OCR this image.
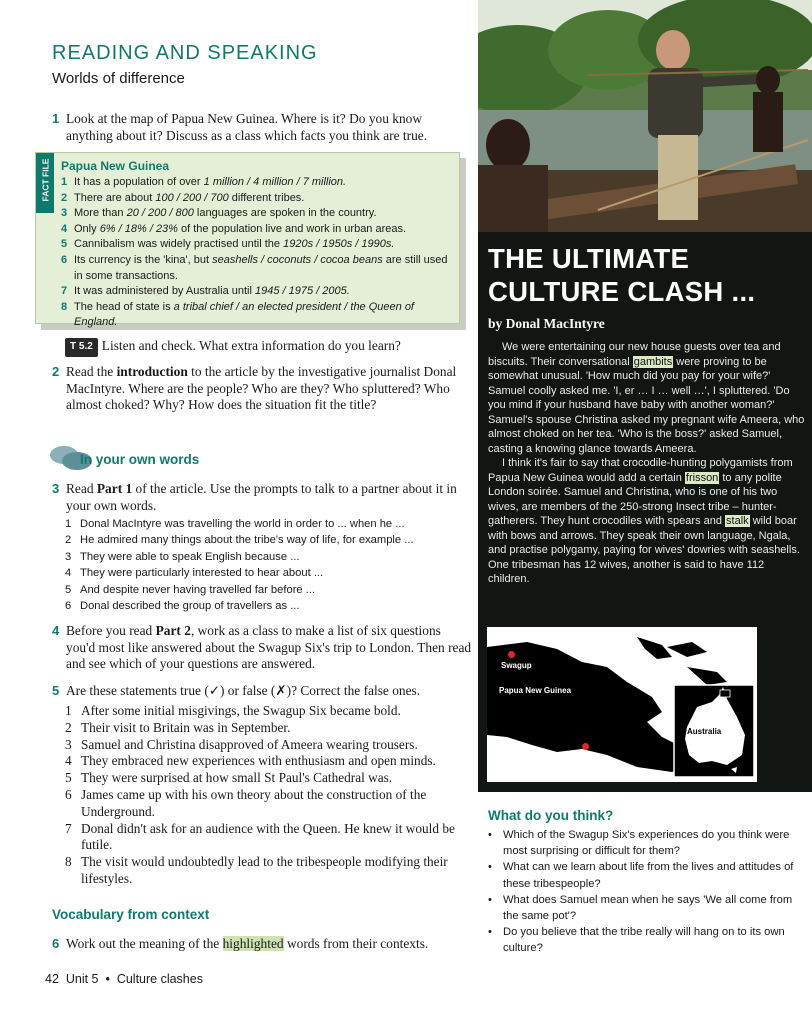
READING AND SPEAKING
Worlds of difference
1 Look at the map of Papua New Guinea. Where is it? Do you know anything about it? Discuss as a class which facts you think are true.
FACT FILE Papua New Guinea
1 It has a population of over 1 million / 4 million / 7 million.
2 There are about 100 / 200 / 700 different tribes.
3 More than 20 / 200 / 800 languages are spoken in the country.
4 Only 6% / 18% / 23% of the population live and work in urban areas.
5 Cannibalism was widely practised until the 1920s / 1950s / 1990s.
6 Its currency is the 'kina', but seashells / coconuts / cocoa beans are still used in some transactions.
7 It was administered by Australia until 1945 / 1975 / 2005.
8 The head of state is a tribal chief / an elected president / the Queen of England.
T 5.2 Listen and check. What extra information do you learn?
2 Read the introduction to the article by the investigative journalist Donal MacIntyre. Where are the people? Who are they? Who spluttered? Who almost choked? Why? How does the situation fit the title?
In your own words
3 Read Part 1 of the article. Use the prompts to talk to a partner about it in your own words.
1 Donal MacIntyre was travelling the world in order to ... when he ...
2 He admired many things about the tribe's way of life, for example ...
3 They were able to speak English because ...
4 They were particularly interested to hear about ...
5 And despite never having travelled far before ...
6 Donal described the group of travellers as ...
4 Before you read Part 2, work as a class to make a list of six questions you'd most like answered about the Swagup Six's trip to London. Then read and see which of your questions are answered.
5 Are these statements true (✓) or false (✗)? Correct the false ones.
1 After some initial misgivings, the Swagup Six became bold.
2 Their visit to Britain was in September.
3 Samuel and Christina disapproved of Ameera wearing trousers.
4 They embraced new experiences with enthusiasm and open minds.
5 They were surprised at how small St Paul's Cathedral was.
6 James came up with his own theory about the construction of the Underground.
7 Donal didn't ask for an audience with the Queen. He knew it would be futile.
8 The visit would undoubtedly lead to the tribespeople modifying their lifestyles.
Vocabulary from context
6 Work out the meaning of the highlighted words from their contexts.
42 Unit 5 • Culture clashes
THE ULTIMATE
CULTURE CLASH ...
by Donal MacIntyre

We were entertaining our new house guests over tea and biscuits. Their conversational gambits were proving to be somewhat unusual. 'How much did you pay for your wife?' Samuel coolly asked me. 'I, er … I … well …', I spluttered. 'Do you mind if your husband have baby with another woman?' Samuel's spouse Christina asked my pregnant wife Ameera, who almost choked on her tea. 'Who is the boss?' asked Samuel, casting a knowing glance towards Ameera.

I think it's fair to say that crocodile-hunting polygamists from Papua New Guinea would add a certain frisson to any polite London soirée. Samuel and Christina, who is one of his two wives, are members of the 250-strong Insect tribe – hunter-gatherers. They hunt crocodiles with spears and stalk wild boar with bows and arrows. They speak their own language, Ngala, and practise polygamy, paying for wives' dowries with seashells. One tribesman has 12 wives, another is said to have 112 children.

Swagup
Papua New Guinea
Port Mosby
Australia
What do you think?
• Which of the Swagup Six's experiences do you think were most surprising or difficult for them?
• What can we learn about life from the lives and attitudes of these tribespeople?
• What does Samuel mean when he says 'We all come from the same pot'?
• Do you believe that the tribe really will hang on to its own culture?
